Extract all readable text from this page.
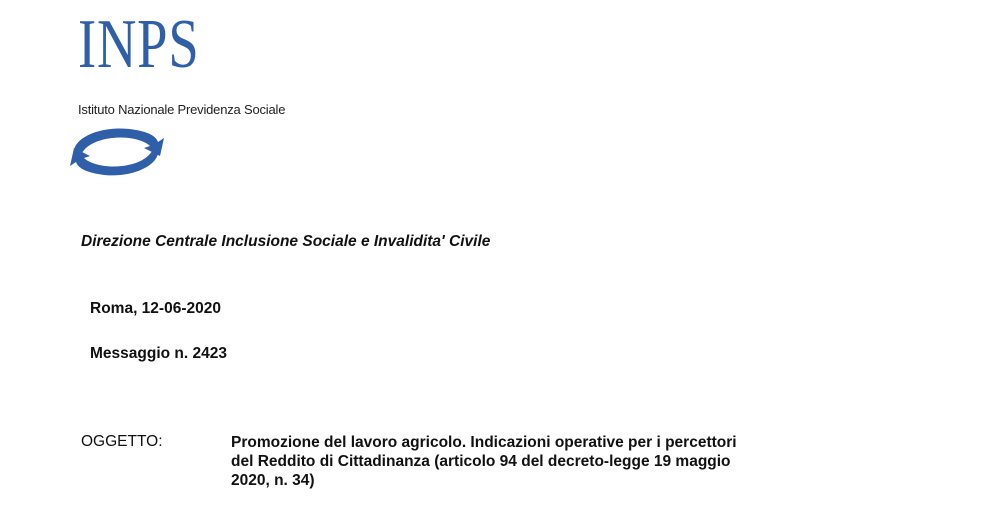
INPS
Istituto Nazionale Previdenza Sociale
Direzione Centrale Inclusione Sociale e Invalidita' Civile
Roma, 12-06-2020
Messaggio n. 2423
OGGETTO:	Promozione del lavoro agricolo. Indicazioni operative per i percettori
del Reddito di Cittadinanza (articolo 94 del decreto-legge 19 maggio
2020, n. 34)
